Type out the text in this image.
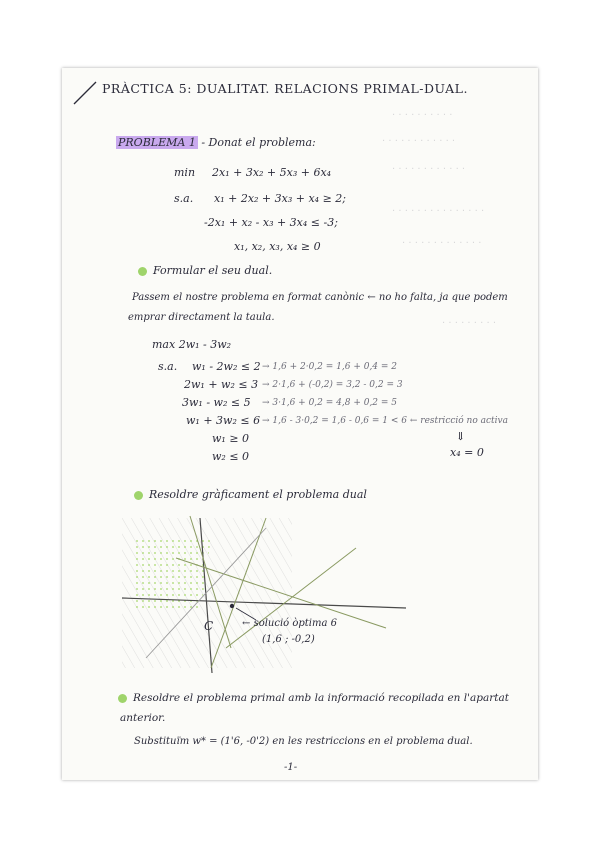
· · · · · · · · · ·
· · · · · · · · · · · ·
· · · · · · · · · · · ·
· · · · · · · · · · · · · · ·
· · · · · · · · · · · · ·
· · · · · · · · ·
PRÀCTICA 5: DUALITAT. RELACIONS PRIMAL-DUAL.
PROBLEMA 1 - Donat el problema:
min 2x₁ + 3x₂ + 5x₃ + 6x₄
s.a. x₁ + 2x₂ + 3x₃ + x₄ ≥ 2;
-2x₁ + x₂ - x₃ + 3x₄ ≤ -3;
x₁, x₂, x₃, x₄ ≥ 0
Formular el seu dual.
Passem el nostre problema en format canònic ← no ho falta, ja que podem
emprar directament la taula.
max 2w₁ - 3w₂
s.a. w₁ - 2w₂ ≤ 2 → 1,6 + 2·0,2 = 1,6 + 0,4 = 2
2w₁ + w₂ ≤ 3 → 2·1,6 + (-0,2) = 3,2 - 0,2 = 3
3w₁ - w₂ ≤ 5 → 3·1,6 + 0,2 = 4,8 + 0,2 = 5
w₁ + 3w₂ ≤ 6 → 1,6 - 3·0,2 = 1,6 - 0,6 = 1 < 6 ← restricció no activa
w₁ ≥ 0
w₂ ≤ 0
⇓
x₄ = 0
Resoldre gràficament el problema dual
C	← solució òptima 6
(1,6 ; -0,2)
Resoldre el problema primal amb la informació recopilada en l'apartat
anterior.
Substituïm w* = (1'6, -0'2) en les restriccions en el problema dual.
-1-
